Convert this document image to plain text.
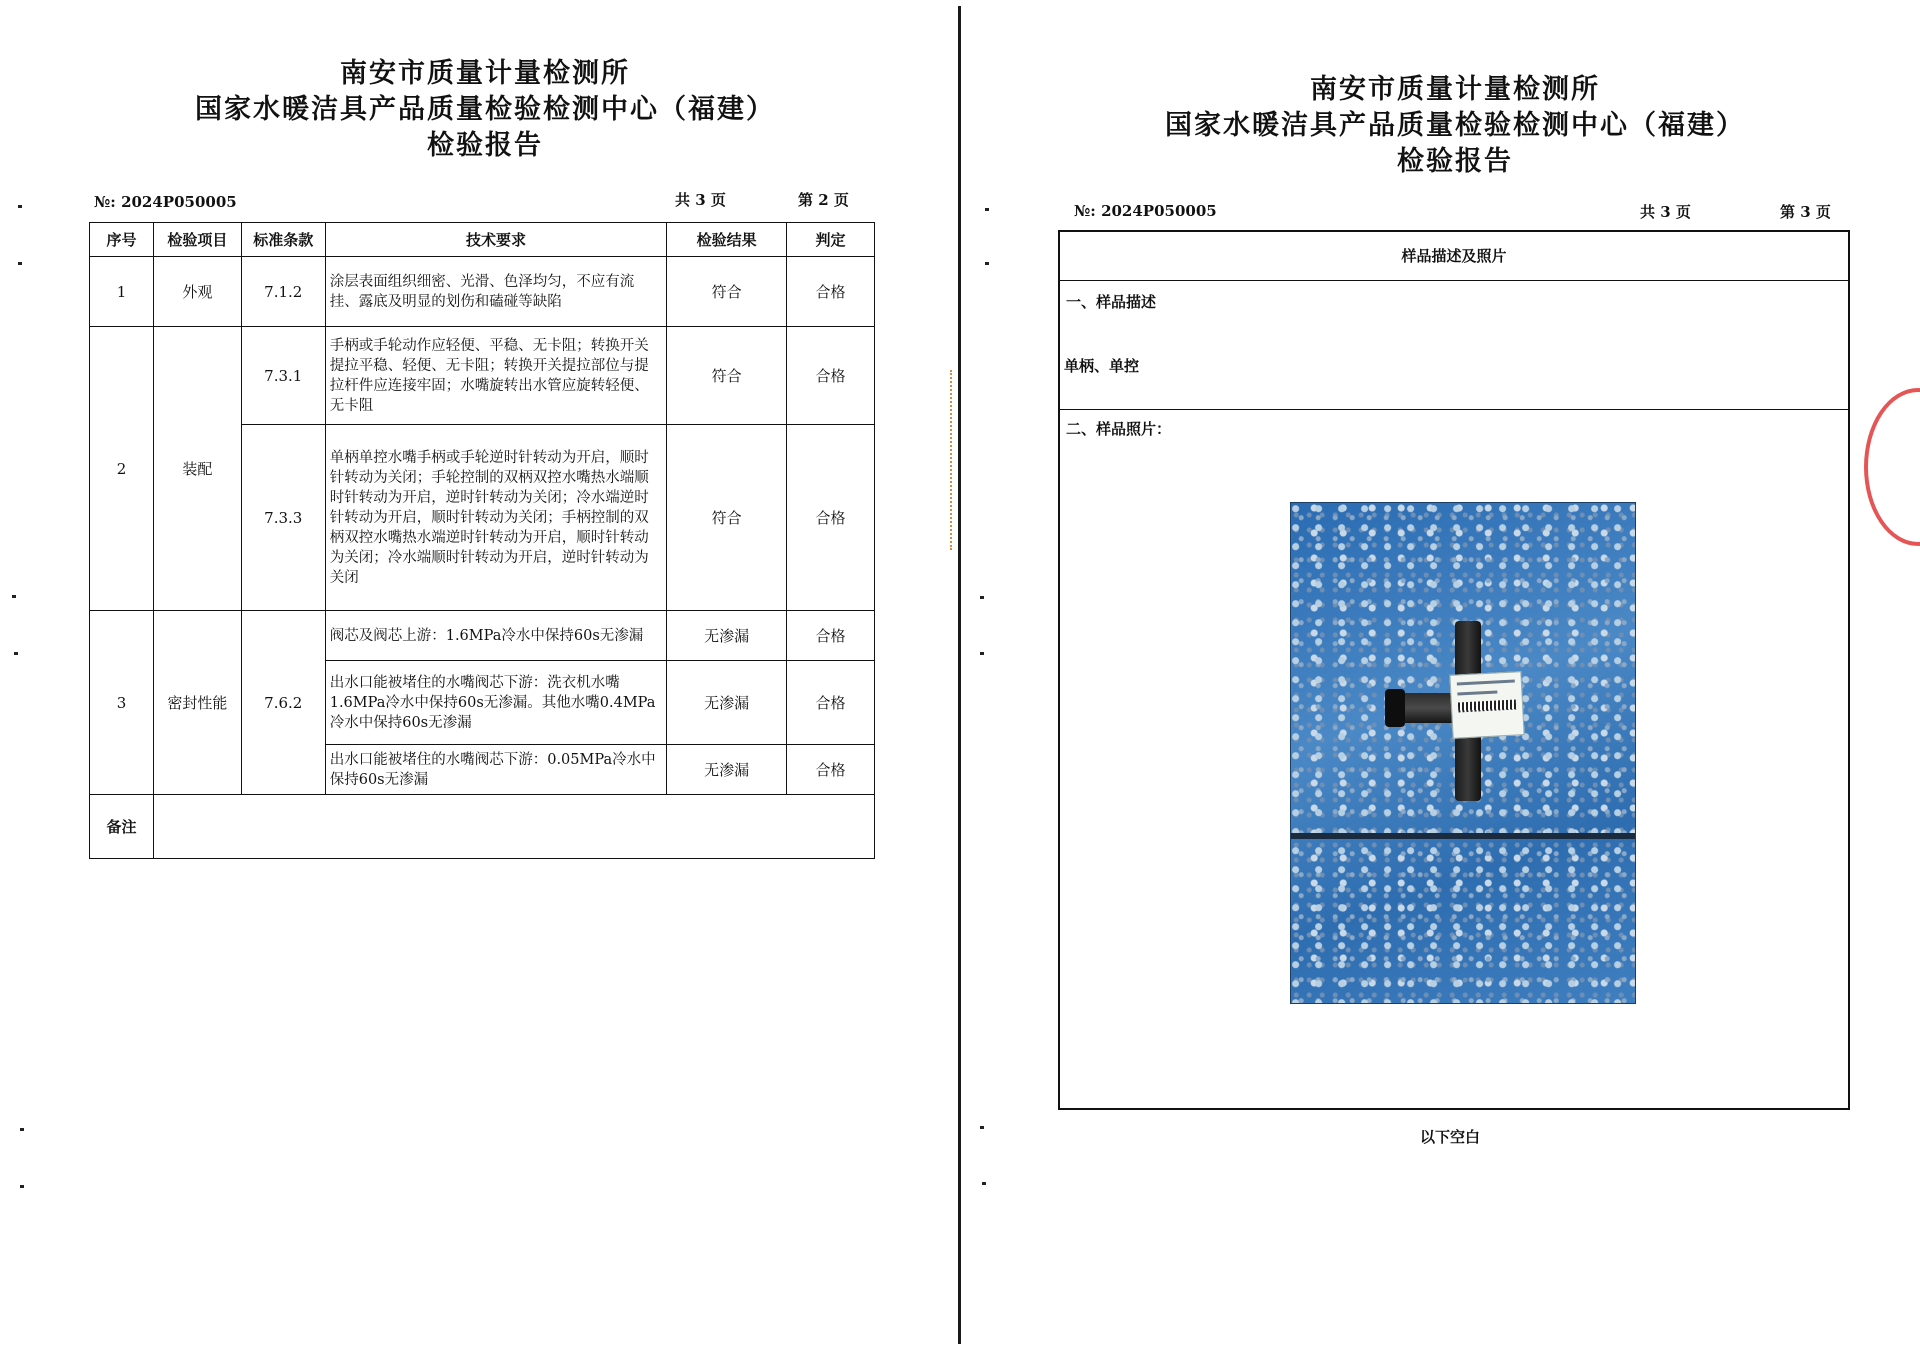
南安市质量计量检测所
国家水暖洁具产品质量检验检测中心（福建）
检验报告
№: 2024P050005	共 3 页	第 2 页
序号	检验项目	标准条款	技术要求	检验结果	判定
1	外观	7.1.2	涂层表面组织细密、光滑、色泽均匀，不应有流挂、露底及明显的划伤和磕碰等缺陷	符合	合格
2	装配	7.3.1	手柄或手轮动作应轻便、平稳、无卡阻；转换开关提拉平稳、轻便、无卡阻；转换开关提拉部位与提拉杆件应连接牢固；水嘴旋转出水管应旋转轻便、无卡阻	符合	合格
		7.3.3	单柄单控水嘴手柄或手轮逆时针转动为开启，顺时针转动为关闭；手轮控制的双柄双控水嘴热水端顺时针转动为开启，逆时针转动为关闭；冷水端逆时针转动为开启，顺时针转动为关闭；手柄控制的双柄双控水嘴热水端逆时针转动为开启，顺时针转动为关闭；冷水端顺时针转动为开启，逆时针转动为关闭	符合	合格
3	密封性能	7.6.2	阀芯及阀芯上游：1.6MPa冷水中保持60s无渗漏	无渗漏	合格
			出水口能被堵住的水嘴阀芯下游：洗衣机水嘴1.6MPa冷水中保持60s无渗漏。其他水嘴0.4MPa冷水中保持60s无渗漏	无渗漏	合格
			出水口能被堵住的水嘴阀芯下游：0.05MPa冷水中保持60s无渗漏	无渗漏	合格
备注					
南安市质量计量检测所
国家水暖洁具产品质量检验检测中心（福建）
检验报告
№: 2024P050005	共 3 页	第 3 页
样品描述及照片
一、样品描述
单柄、单控
二、样品照片：
以下空白
